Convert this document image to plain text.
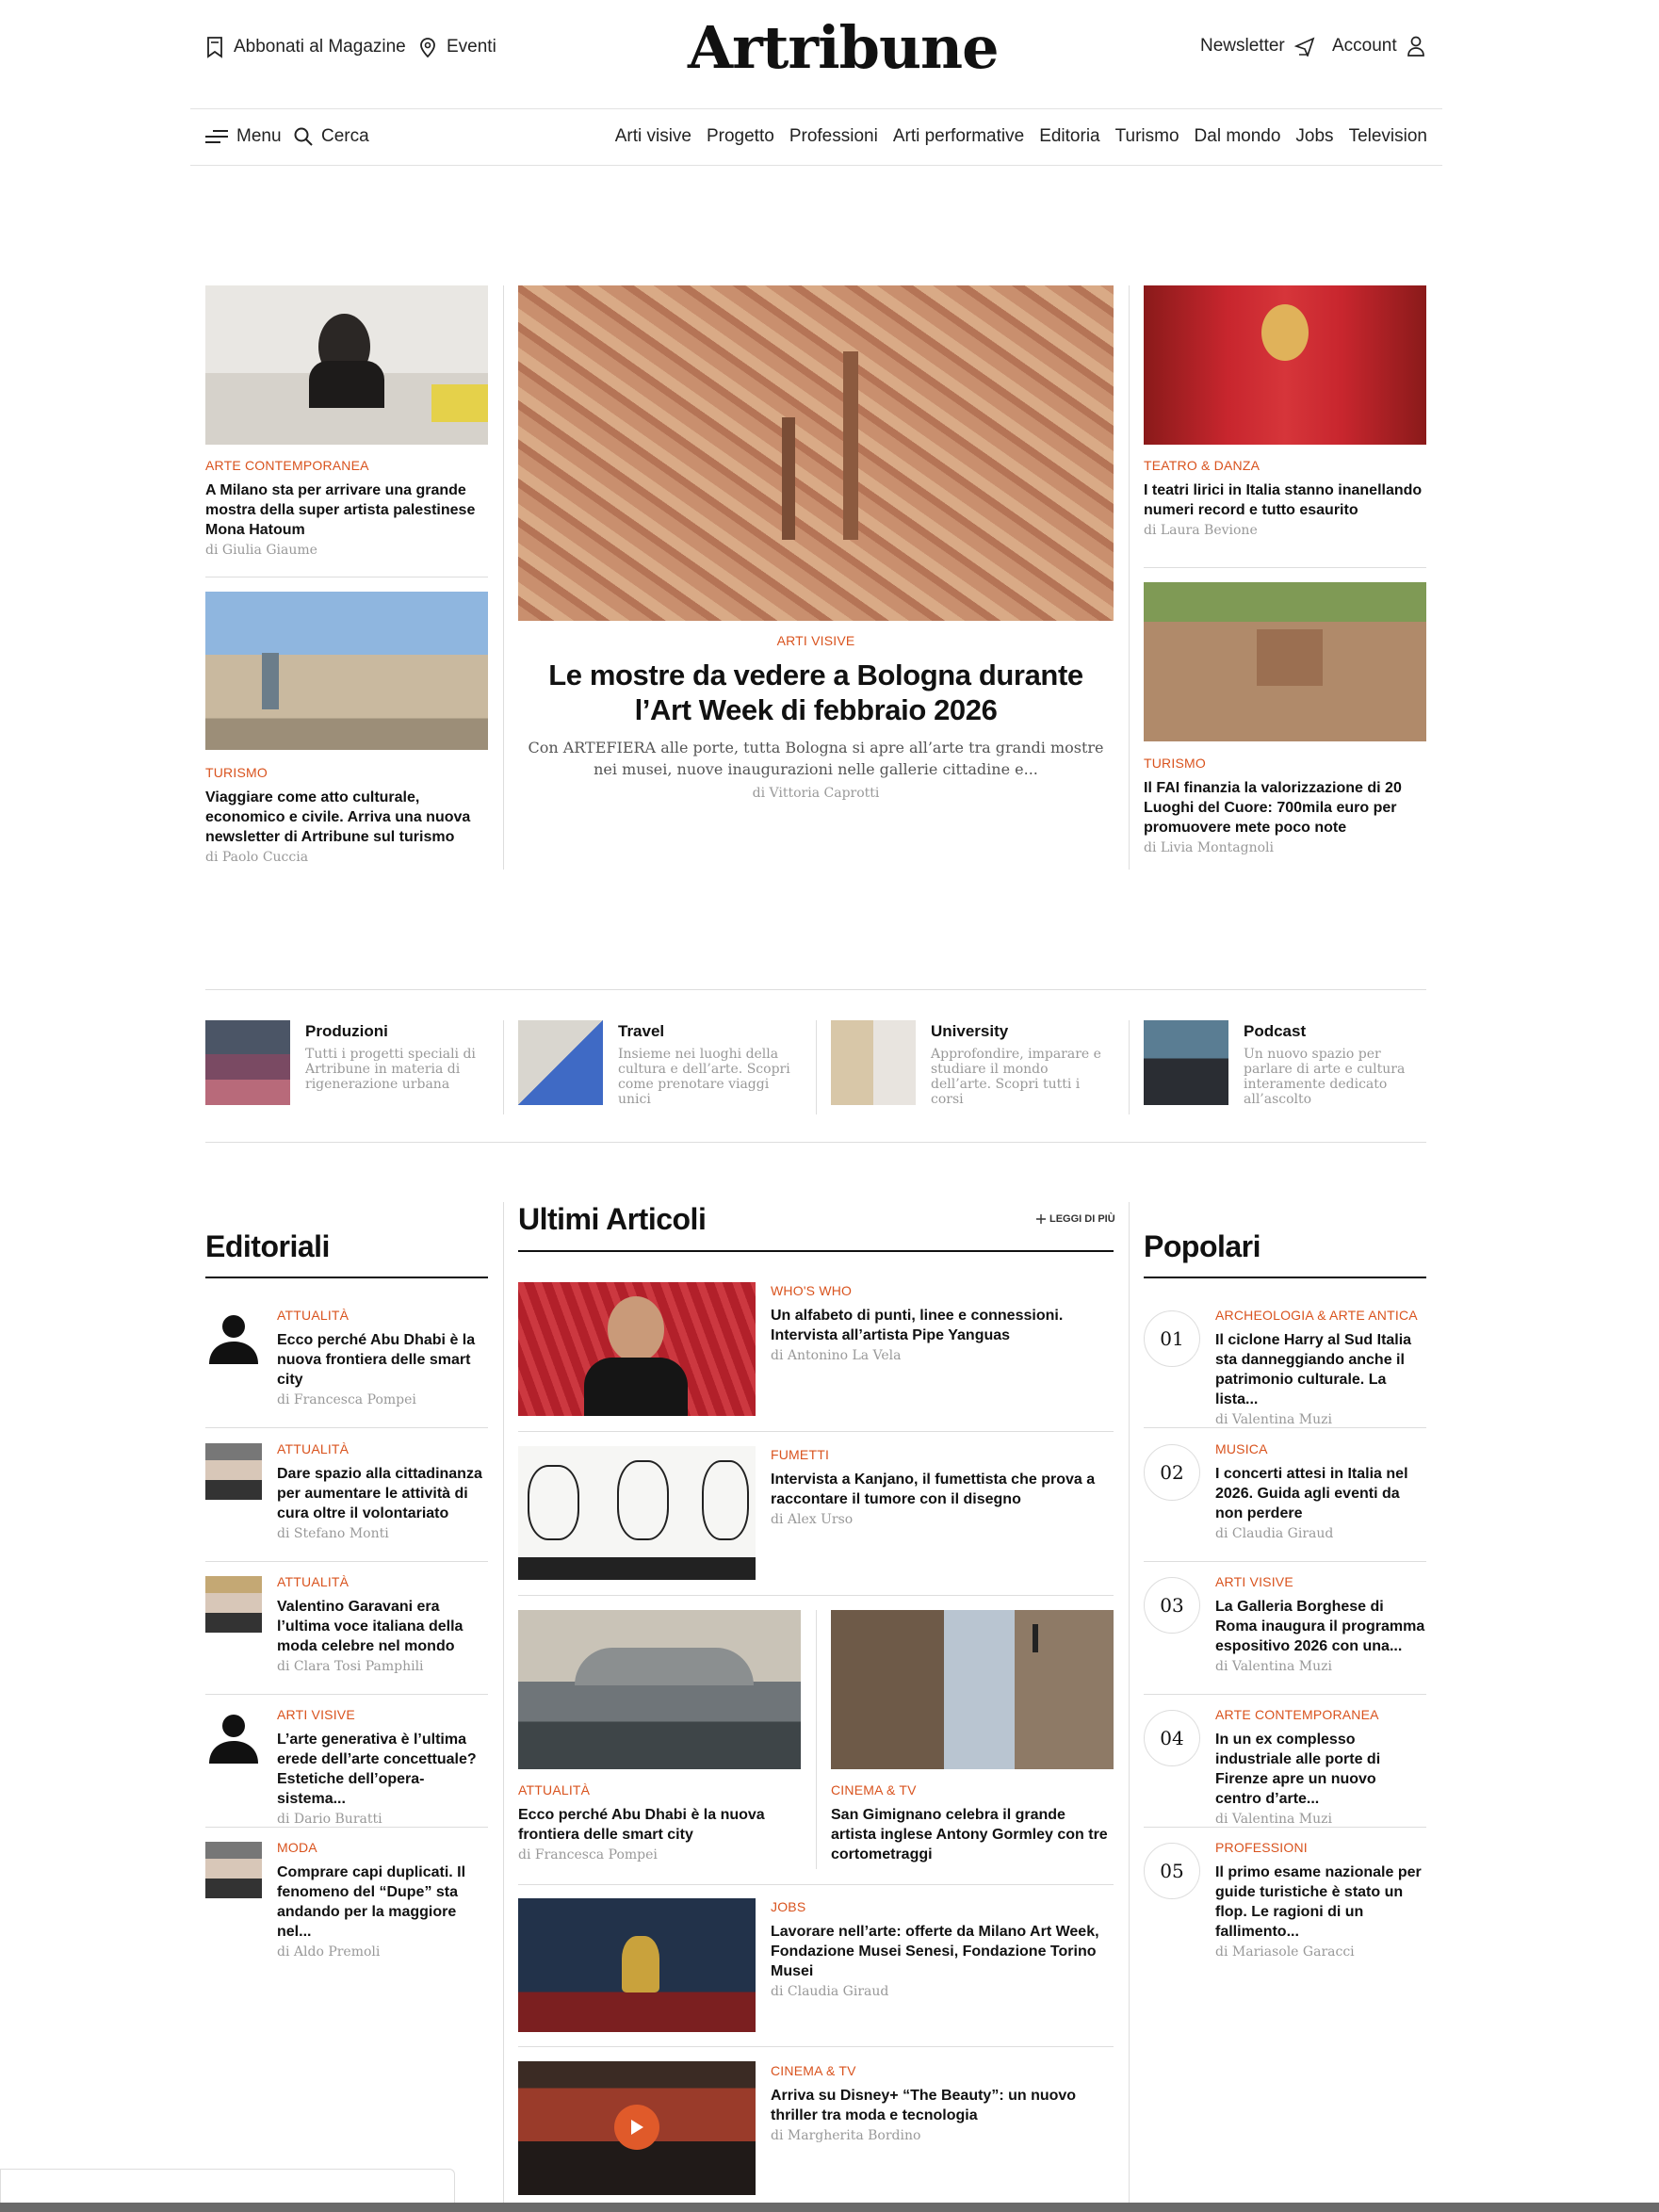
Abbonati al Magazine Eventi	Artribune	Newsletter	Account
Menu Cerca	Arti visive Progetto Professioni Arti performative Editoria Turismo Dal mondo Jobs Television
ARTE CONTEMPORANEA
A Milano sta per arrivare una grande mostra della super artista palestinese Mona Hatoum
di Giulia Giaume
TURISMO
Viaggiare come atto culturale, economico e civile. Arriva una nuova newsletter di Artribune sul turismo
di Paolo Cuccia
ARTI VISIVE
Le mostre da vedere a Bologna durante l’Art Week di febbraio 2026
Con ARTEFIERA alle porte, tutta Bologna si apre all’arte tra grandi mostre nei musei, nuove inaugurazioni nelle gallerie cittadine e...
di Vittoria Caprotti
TEATRO & DANZA
I teatri lirici in Italia stanno inanellando numeri record e tutto esaurito
di Laura Bevione
TURISMO
Il FAI finanzia la valorizzazione di 20 Luoghi del Cuore: 700mila euro per promuovere mete poco note
di Livia Montagnoli
Produzioni
Tutti i progetti speciali di Artribune in materia di rigenerazione urbana
Travel
Insieme nei luoghi della cultura e dell’arte. Scopri come prenotare viaggi unici
University
Approfondire, imparare e studiare il mondo dell’arte. Scopri tutti i corsi
Podcast
Un nuovo spazio per parlare di arte e cultura interamente dedicato all’ascolto
Editoriali
ATTUALITÀ
Ecco perché Abu Dhabi è la nuova frontiera delle smart city
di Francesca Pompei
ATTUALITÀ
Dare spazio alla cittadinanza per aumentare le attività di cura oltre il volontariato
di Stefano Monti
ATTUALITÀ
Valentino Garavani era l’ultima voce italiana della moda celebre nel mondo
di Clara Tosi Pamphili
ARTI VISIVE
L’arte generativa è l’ultima erede dell’arte concettuale? Estetiche dell’opera-sistema...
di Dario Buratti
MODA
Comprare capi duplicati. Il fenomeno del “Dupe” sta andando per la maggiore nel...
di Aldo Premoli
Ultimi Articoli	LEGGI DI PIÙ
WHO'S WHO
Un alfabeto di punti, linee e connessioni. Intervista all’artista Pipe Yanguas
di Antonino La Vela
FUMETTI
Intervista a Kanjano, il fumettista che prova a raccontare il tumore con il disegno
di Alex Urso
ATTUALITÀ
Ecco perché Abu Dhabi è la nuova frontiera delle smart city
di Francesca Pompei
CINEMA & TV
San Gimignano celebra il grande artista inglese Antony Gormley con tre cortometraggi
JOBS
Lavorare nell’arte: offerte da Milano Art Week, Fondazione Musei Senesi, Fondazione Torino Musei
di Claudia Giraud
CINEMA & TV
Arriva su Disney+ “The Beauty”: un nuovo thriller tra moda e tecnologia
di Margherita Bordino
Popolari
01
ARCHEOLOGIA & ARTE ANTICA
Il ciclone Harry al Sud Italia sta danneggiando anche il patrimonio culturale. La lista...
di Valentina Muzi
02
MUSICA
I concerti attesi in Italia nel 2026. Guida agli eventi da non perdere
di Claudia Giraud
03
ARTI VISIVE
La Galleria Borghese di Roma inaugura il programma espositivo 2026 con una...
di Valentina Muzi
04
ARTE CONTEMPORANEA
In un ex complesso industriale alle porte di Firenze apre un nuovo centro d’arte...
di Valentina Muzi
05
PROFESSIONI
Il primo esame nazionale per guide turistiche è stato un flop. Le ragioni di un fallimento...
di Mariasole Garacci
